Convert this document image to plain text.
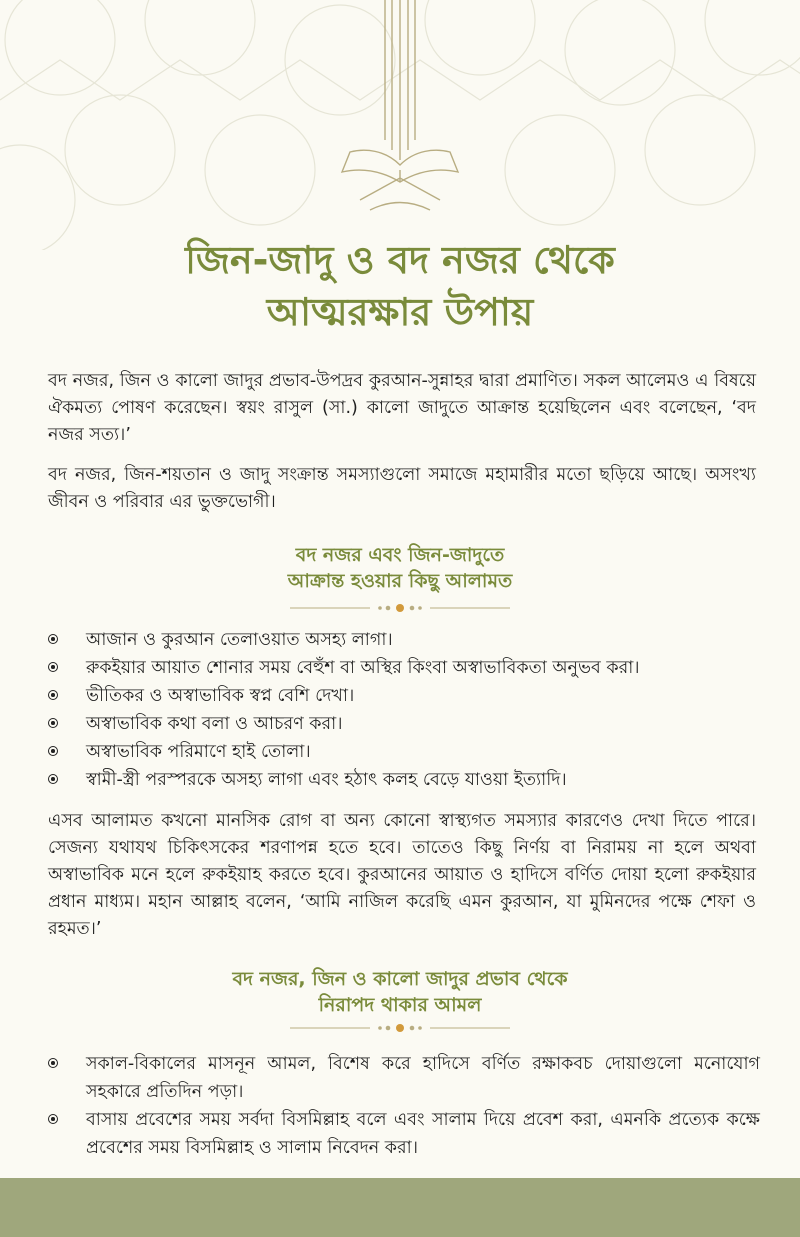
জিন-জাদু ও বদ নজর থেকে
আত্মরক্ষার উপায়

বদ নজর, জিন ও কালো জাদুর প্রভাব-উপদ্রব কুরআন-সুন্নাহর দ্বারা প্রমাণিত। সকল আলেমও এ বিষয়ে ঐকমত্য পোষণ করেছেন। স্বয়ং রাসুল (সা.) কালো জাদুতে আক্রান্ত হয়েছিলেন এবং বলেছেন, ‘বদ নজর সত্য।’

বদ নজর, জিন-শয়তান ও জাদু সংক্রান্ত সমস্যাগুলো সমাজে মহামারীর মতো ছড়িয়ে আছে। অসংখ্য জীবন ও পরিবার এর ভুক্তভোগী।

বদ নজর এবং জিন-জাদুতে
আক্রান্ত হওয়ার কিছু আলামত
আজান ও কুরআন তেলাওয়াত অসহ্য লাগা।
রুকইয়ার আয়াত শোনার সময় বেহুঁশ বা অস্থির কিংবা অস্বাভাবিকতা অনুভব করা।
ভীতিকর ও অস্বাভাবিক স্বপ্ন বেশি দেখা।
অস্বাভাবিক কথা বলা ও আচরণ করা।
অস্বাভাবিক পরিমাণে হাই তোলা।
স্বামী-স্ত্রী পরস্পরকে অসহ্য লাগা এবং হঠাৎ কলহ বেড়ে যাওয়া ইত্যাদি।

এসব আলামত কখনো মানসিক রোগ বা অন্য কোনো স্বাস্থ্যগত সমস্যার কারণেও দেখা দিতে পারে। সেজন্য যথাযথ চিকিৎসকের শরণাপন্ন হতে হবে। তাতেও কিছু নির্ণয় বা নিরাময় না হলে অথবা অস্বাভাবিক মনে হলে রুকইয়াহ করতে হবে। কুরআনের আয়াত ও হাদিসে বর্ণিত দোয়া হলো রুকইয়ার প্রধান মাধ্যম। মহান আল্লাহ বলেন, ‘আমি নাজিল করেছি এমন কুরআন, যা মুমিনদের পক্ষে শেফা ও রহমত।’

বদ নজর, জিন ও কালো জাদুর প্রভাব থেকে
নিরাপদ থাকার আমল
সকাল-বিকালের মাসনূন আমল, বিশেষ করে হাদিসে বর্ণিত রক্ষাকবচ দোয়াগুলো মনোযোগ সহকারে প্রতিদিন পড়া।
বাসায় প্রবেশের সময় সর্বদা বিসমিল্লাহ বলে এবং সালাম দিয়ে প্রবেশ করা, এমনকি প্রত্যেক কক্ষে প্রবেশের সময় বিসমিল্লাহ ও সালাম নিবেদন করা।
